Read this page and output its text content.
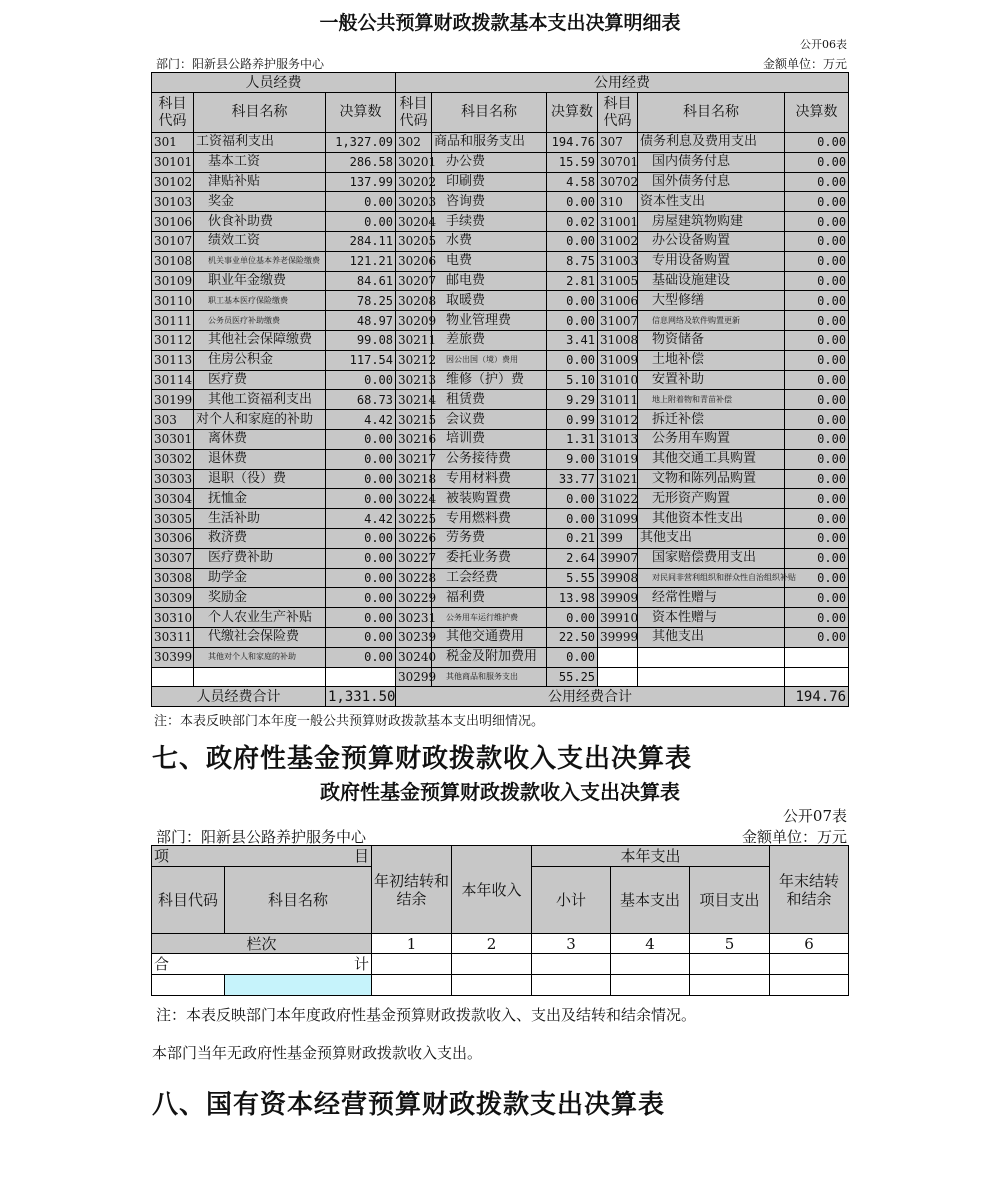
一般公共预算财政拨款基本支出决算明细表
公开06表
部门：阳新县公路养护服务中心	金额单位：万元
人员经费			公用经费					
科目代码	科目名称	决算数	科目代码	科目名称	决算数	科目代码	科目名称	决算数
301	工资福利支出	1,327.09	302	商品和服务支出	194.76	307	债务利息及费用支出	0.00
30101	基本工资	286.58	30201	办公费	15.59	30701	国内债务付息	0.00
30102	津贴补贴	137.99	30202	印刷费	4.58	30702	国外债务付息	0.00
30103	奖金	0.00	30203	咨询费	0.00	310	资本性支出	0.00
30106	伙食补助费	0.00	30204	手续费	0.02	31001	房屋建筑物购建	0.00
30107	绩效工资	284.11	30205	水费	0.00	31002	办公设备购置	0.00
30108	机关事业单位基本养老保险缴费	121.21	30206	电费	8.75	31003	专用设备购置	0.00
30109	职业年金缴费	84.61	30207	邮电费	2.81	31005	基础设施建设	0.00
30110	职工基本医疗保险缴费	78.25	30208	取暖费	0.00	31006	大型修缮	0.00
30111	公务员医疗补助缴费	48.97	30209	物业管理费	0.00	31007	信息网络及软件购置更新	0.00
30112	其他社会保障缴费	99.08	30211	差旅费	3.41	31008	物资储备	0.00
30113	住房公积金	117.54	30212	因公出国（境）费用	0.00	31009	土地补偿	0.00
30114	医疗费	0.00	30213	维修（护）费	5.10	31010	安置补助	0.00
30199	其他工资福利支出	68.73	30214	租赁费	9.29	31011	地上附着物和青苗补偿	0.00
303	对个人和家庭的补助	4.42	30215	会议费	0.99	31012	拆迁补偿	0.00
30301	离休费	0.00	30216	培训费	1.31	31013	公务用车购置	0.00
30302	退休费	0.00	30217	公务接待费	9.00	31019	其他交通工具购置	0.00
30303	退职（役）费	0.00	30218	专用材料费	33.77	31021	文物和陈列品购置	0.00
30304	抚恤金	0.00	30224	被装购置费	0.00	31022	无形资产购置	0.00
30305	生活补助	4.42	30225	专用燃料费	0.00	31099	其他资本性支出	0.00
30306	救济费	0.00	30226	劳务费	0.21	399	其他支出	0.00
30307	医疗费补助	0.00	30227	委托业务费	2.64	39907	国家赔偿费用支出	0.00
30308	助学金	0.00	30228	工会经费	5.55	39908	对民间非营利组织和群众性自治组织补贴	0.00
30309	奖励金	0.00	30229	福利费	13.98	39909	经常性赠与	0.00
30310	个人农业生产补贴	0.00	30231	公务用车运行维护费	0.00	39910	资本性赠与	0.00
30311	代缴社会保险费	0.00	30239	其他交通费用	22.50	39999	其他支出	0.00
30399	其他对个人和家庭的补助	0.00	30240	税金及附加费用	0.00			
			30299	其他商品和服务支出	55.25			
人员经费合计		1,331.50	公用经费合计					194.76
注：本表反映部门本年度一般公共预算财政拨款基本支出明细情况。
七、政府性基金预算财政拨款收入支出决算表
政府性基金预算财政拨款收入支出决算表
公开07表
部门：阳新县公路养护服务中心	金额单位：万元
项 目		年初结转和结余	本年收入	本年支出			年末结转和结余
科目代码	科目名称			小计	基本支出	项目支出	
栏次		1	2	3	4	5	6
合 计							

注：本表反映部门本年度政府性基金预算财政拨款收入、支出及结转和结余情况。
本部门当年无政府性基金预算财政拨款收入支出。
八、国有资本经营预算财政拨款支出决算表
